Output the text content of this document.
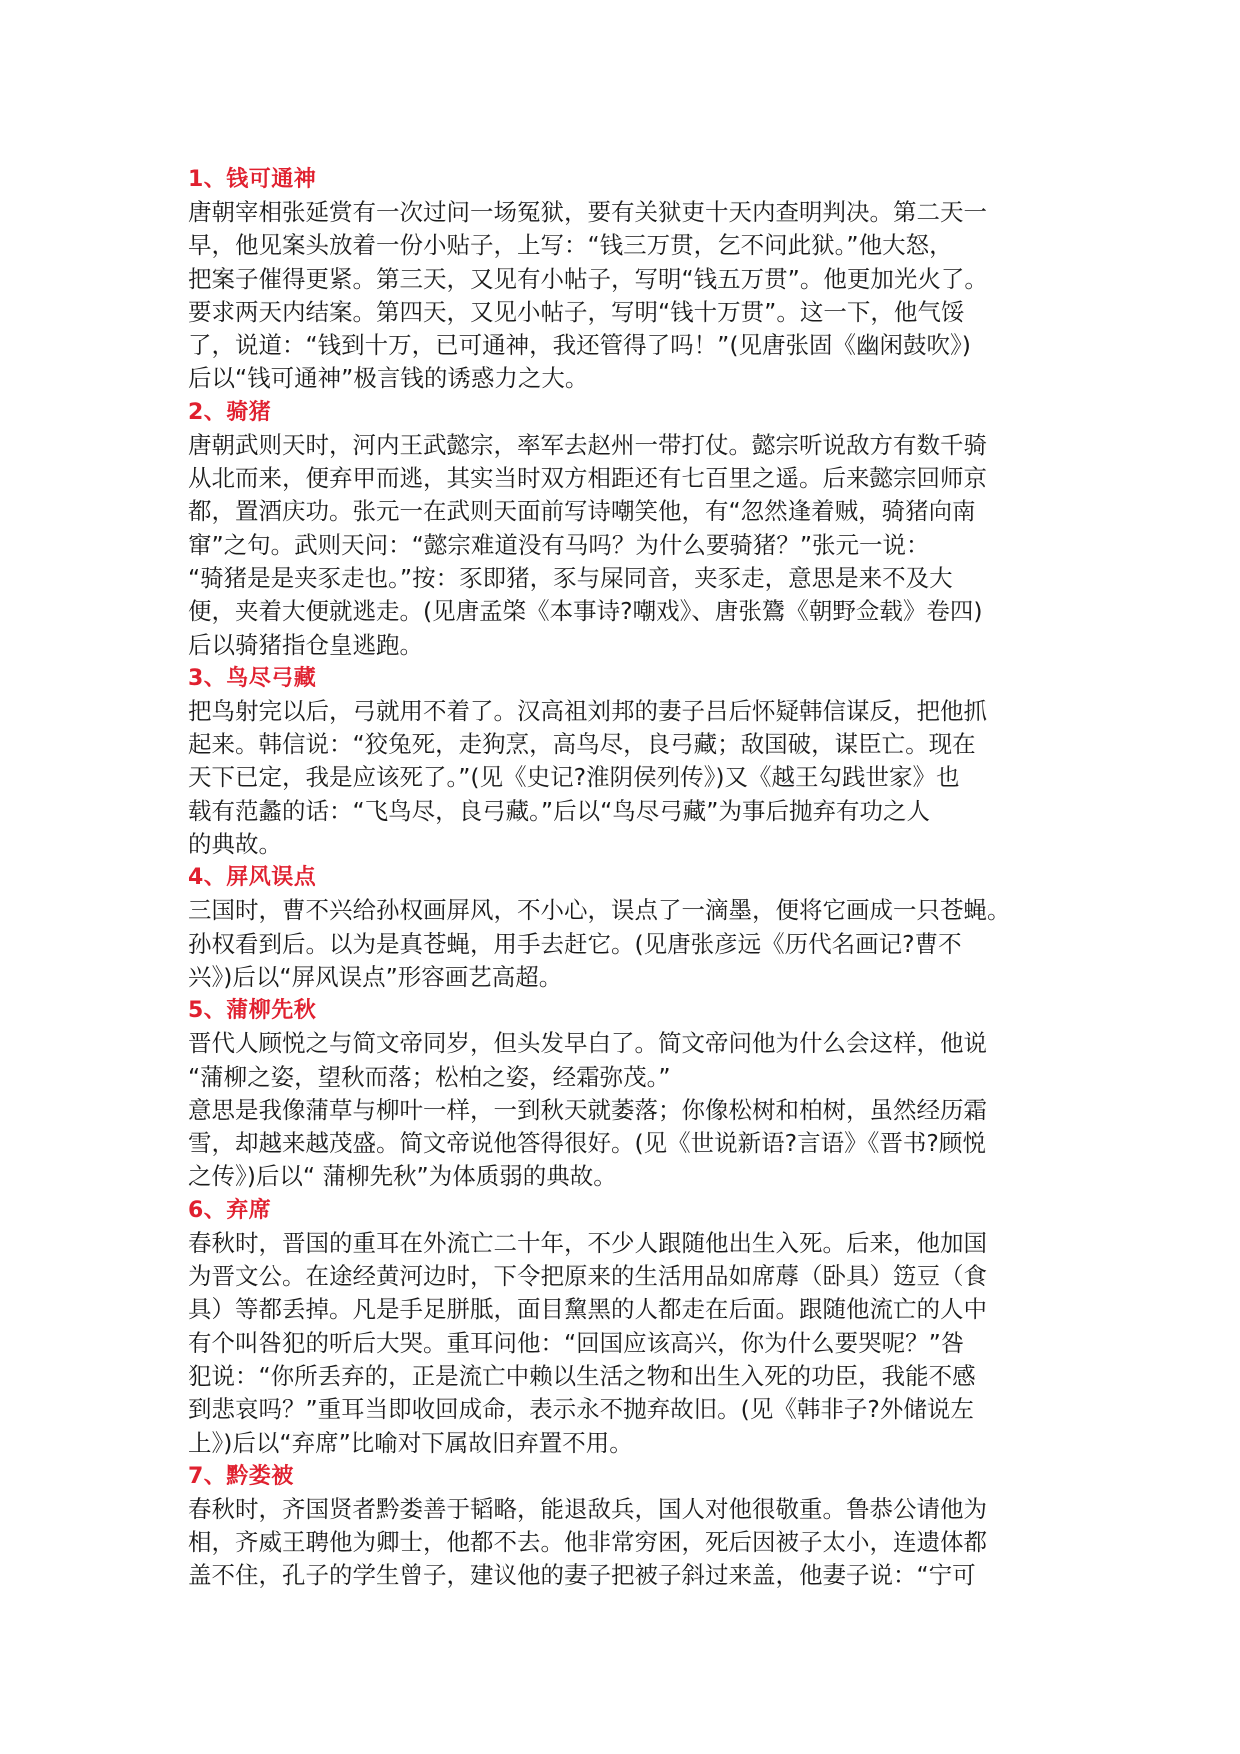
1、钱可通神
唐朝宰相张延赏有一次过问一场冤狱，要有关狱吏十天内查明判决。第二天一
早，他见案头放着一份小贴子，上写：“钱三万贯，乞不问此狱。”他大怒，
把案子催得更紧。第三天，又见有小帖子，写明“钱五万贯”。他更加光火了。
要求两天内结案。第四天，又见小帖子，写明“钱十万贯”。这一下，他气馁
了，说道：“钱到十万，已可通神，我还管得了吗！”(见唐张固《幽闲鼓吹》)
后以“钱可通神”极言钱的诱惑力之大。
2、骑猪
唐朝武则天时，河内王武懿宗，率军去赵州一带打仗。懿宗听说敌方有数千骑
从北而来，便弃甲而逃，其实当时双方相距还有七百里之遥。后来懿宗回师京
都，置酒庆功。张元一在武则天面前写诗嘲笑他，有“忽然逢着贼，骑猪向南
窜”之句。武则天问：“懿宗难道没有马吗？为什么要骑猪？”张元一说：
“骑猪是是夹豕走也。”按：豕即猪，豕与屎同音，夹豕走，意思是来不及大
便，夹着大便就逃走。(见唐孟棨《本事诗?嘲戏》、唐张鷟《朝野佥载》卷四)
后以骑猪指仓皇逃跑。
3、鸟尽弓藏
把鸟射完以后，弓就用不着了。汉高祖刘邦的妻子吕后怀疑韩信谋反，把他抓
起来。韩信说：“狡兔死，走狗烹，高鸟尽，良弓藏；敌国破，谋臣亡。现在
天下已定，我是应该死了。”(见《史记?淮阴侯列传》)又《越王勾践世家》也
载有范蠡的话：“飞鸟尽，良弓藏。”后以“鸟尽弓藏”为事后抛弃有功之人
的典故。
4、屏风误点
三国时，曹不兴给孙权画屏风，不小心，误点了一滴墨，便将它画成一只苍蝇。
孙权看到后。以为是真苍蝇，用手去赶它。(见唐张彦远《历代名画记?曹不
兴》)后以“屏风误点”形容画艺高超。
5、蒲柳先秋
晋代人顾悦之与简文帝同岁，但头发早白了。简文帝问他为什么会这样，他说
“蒲柳之姿，望秋而落；松柏之姿，经霜弥茂。”
意思是我像蒲草与柳叶一样，一到秋天就萎落；你像松树和柏树，虽然经历霜
雪，却越来越茂盛。简文帝说他答得很好。(见《世说新语?言语》《晋书?顾悦
之传》)后以“ 蒲柳先秋”为体质弱的典故。
6、弃席
春秋时，晋国的重耳在外流亡二十年，不少人跟随他出生入死。后来，他加国
为晋文公。在途经黄河边时，下令把原来的生活用品如席蓐（卧具）笾豆（食
具）等都丢掉。凡是手足胼胝，面目黧黑的人都走在后面。跟随他流亡的人中
有个叫咎犯的听后大哭。重耳问他：“回国应该高兴，你为什么要哭呢？”咎
犯说：“你所丢弃的，正是流亡中赖以生活之物和出生入死的功臣，我能不感
到悲哀吗？”重耳当即收回成命，表示永不抛弃故旧。(见《韩非子?外储说左
上》)后以“弃席”比喻对下属故旧弃置不用。
7、黔娄被
春秋时，齐国贤者黔娄善于韬略，能退敌兵，国人对他很敬重。鲁恭公请他为
相，齐威王聘他为卿士，他都不去。他非常穷困，死后因被子太小，连遗体都
盖不住，孔子的学生曾子，建议他的妻子把被子斜过来盖，他妻子说：“宁可
